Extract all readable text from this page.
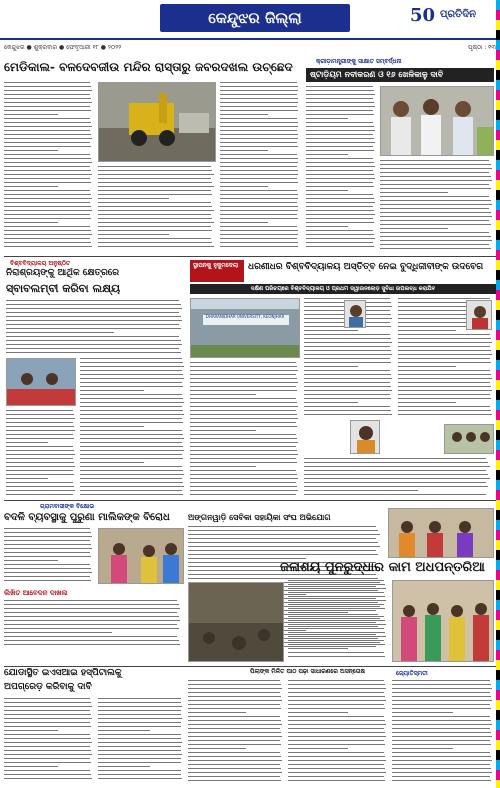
କେନ୍ଦୁଝର ଜିଲ୍ଲା	50 ପ୍ରତିଦିନ
କେନ୍ଦୁଝର ● ଶୁକ୍ରବାର ● ଫେବୃଆରୀ ୧୮ ● ୨୦୨୨	ପୃଷ୍ଠା : ୧୩
ମେଡିକାଲ- ବଳଦେବଜୀଉ ମନ୍ଦିର ରାସ୍ତାରୁ ଜବରଦଖଲ ଉଚ୍ଛେଦ	କ୍ରୀଡ଼ାମନ୍ତ୍ରୀଙ୍କୁ ସାକ୍ଷାତ ସମ୍ବର୍ଦ୍ଧନା
ଷ୍ଟାଡ଼ିୟମ ନବୀକରଣ ଓ ୧୬ ଖେଳିକାଳୁ ଦାବି
ବିଶ୍ବବିଦ୍ୟାଳୟ ଅନୁଷ୍ଠିତ
ନିରାଶ୍ରୟଙ୍କୁ ଆର୍ଥିକ କ୍ଷେତ୍ରରେ
ସ୍ବାବଲମ୍ବୀ କରିବା ଲକ୍ଷ୍ୟ
ସ୍ଥାପନକୁ ହୁକୁମଦେଲା	ଧରଣୀଧର ବିଶ୍ବବିଦ୍ୟାଳୟ ଅସ୍ତିତ୍ବ ନେଇ ବୁଦ୍ଧିଜୀବୀଙ୍କ ଉଦବେଗ
ଦକ୍ଷିଣ ପରିଚୟରେ ବିଶ୍ବବିଦ୍ୟାଳୟ ଓ ପ୍ରଥମ ଡ୍ୱାଉନଲୋଡ଼ ସୁବିଧା ଉପଲବ୍ଧ କରାଯିବ
DHARANIDHAR UNIVERSITY, KEONJHAR
ଗ୍ରାମବାସୀଙ୍କ ବିକ୍ଷୋଭ
ବଦଳି ବ୍ୟବସ୍ଥାକୁ ପୁରୁଣା ମାଲିକଙ୍କ ବିରୋଧ
ଲିଖିତ ଆବେଦନ ଦାଖଲ
ଅଙ୍ଗନୱାଡ଼ି ସେବିକା ସହାୟିକା ସଂଘ ଅଭିଯୋଗ
ଜଳାଶୟ ପୁନରୁଦ୍ଧାର କାମ ଅଧପନ୍ତରିଆ
ଯୋଡାସ୍ଥିତ ଇଏସଆଇ ହସ୍ପିଟାଲକୁ
ଅପଗ୍ରେଡ଼ କରିବାକୁ ଦାବି
ପିଲାଙ୍କ ମିଳିତ ପାଠ ପଢ଼ା ସାଧାରଣରେ ଅସନ୍ତୋଷ	ଜ୍ୟୋତିସ୍ମତୀ
